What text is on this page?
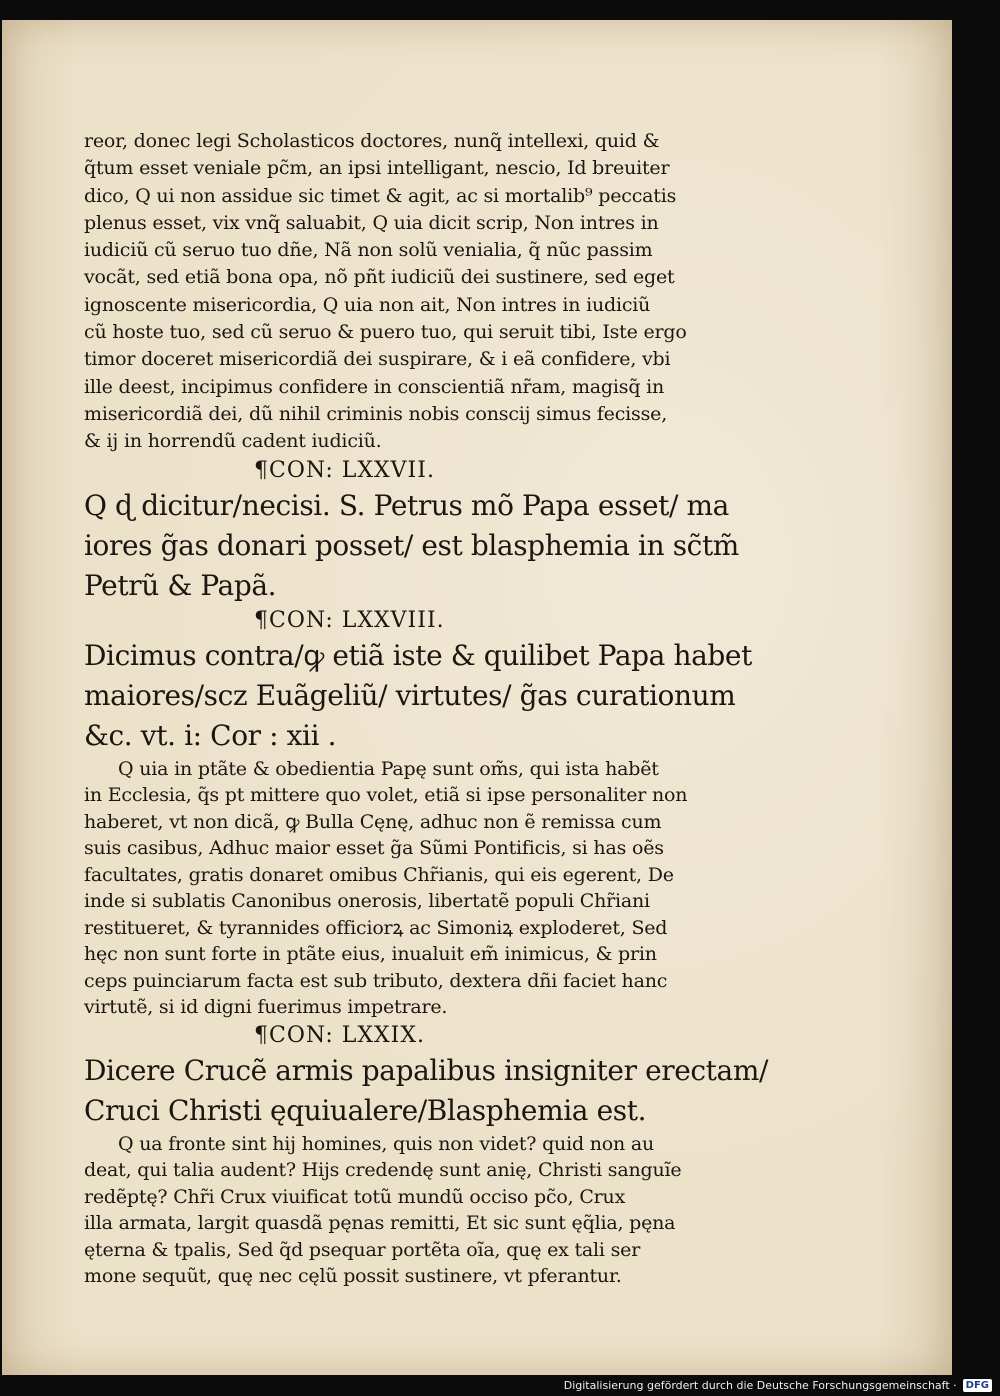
reor, donec legi Scholasticos doctores, nunq̃ intellexi, quid &
q̃tum esset veniale pc̃m, an ipsi intelligant, nescio, Id breuiter
dico, Q ui non assidue sic timet & agit, ac si mortalib⁹ peccatis
plenus esset, vix vnq̃ saluabit, Q uia dicit scrip, Non intres in
iudiciũ cũ seruo tuo dñe, Nã non solũ venialia, q̃ nũc passim
vocãt, sed etiã bona opa, nõ pñt iudiciũ dei sustinere, sed eget
ignoscente misericordia, Q uia non ait, Non intres in iudiciũ
cũ hoste tuo, sed cũ seruo & puero tuo, qui seruit tibi, Iste ergo
timor doceret misericordiã dei suspirare, & i eã confidere, vbi
ille deest, incipimus confidere in conscientiã nr̃am, magisq̃ in
misericordiã dei, dũ nihil criminis nobis conscij simus fecisse,
& ij in horrendũ cadent iudiciũ.
¶CON: LXXVII.
Q ɖ dicitur/necisi. S. Petrus mõ Papa esset/ ma
iores g̃as donari posset/ est blasphemia in sc̃tm̃
Petrũ & Papã.
¶CON: LXXVIII.
Dicimus contra/ꝙ etiã iste & quilibet Papa habet
maiores/scz Euãgeliũ/ virtutes/ g̃as curationum
&c. vt. i: Cor : xii .
Q uia in ptãte & obedientia Papę sunt om̃s, qui ista habẽt
in Ecclesia, q̃s pt mittere quo volet, etiã si ipse personaliter non
haberet, vt non dicã, ꝙ Bulla Cęnę, adhuc non ẽ remissa cum
suis casibus, Adhuc maior esset g̃a Sũmi Pontificis, si has oẽs
facultates, gratis donaret omibus Chr̃ianis, qui eis egerent, De
inde si sublatis Canonibus onerosis, libertatẽ populi Chr̃iani
restitueret, & tyrannides officiorꝝ ac Simoniꝝ exploderet, Sed
hęc non sunt forte in ptãte eius, inualuit em̃ inimicus, & prin
ceps puinciarum facta est sub tributo, dextera dñi faciet hanc
virtutẽ, si id digni fuerimus impetrare.
¶CON: LXXIX.
Dicere Crucẽ armis papalibus insigniter erectam/
Cruci Christi ęquiualere/Blasphemia est.
Q ua fronte sint hij homines, quis non videt? quid non au
deat, qui talia audent? Hijs credendę sunt anię, Christi sanguĩe
redẽptę? Chr̃i Crux viuificat totũ mundũ occiso pc̃o, Crux
illa armata, largit quasdã pęnas remitti, Et sic sunt ęq̃lia, pęna
ęterna & tpalis, Sed q̃d psequar portẽta oĩa, quę ex tali ser
mone sequũt, quę nec cęlũ possit sustinere, vt pferantur.
Digitalisierung gefördert durch die Deutsche Forschungsgemeinschaft · DFG
